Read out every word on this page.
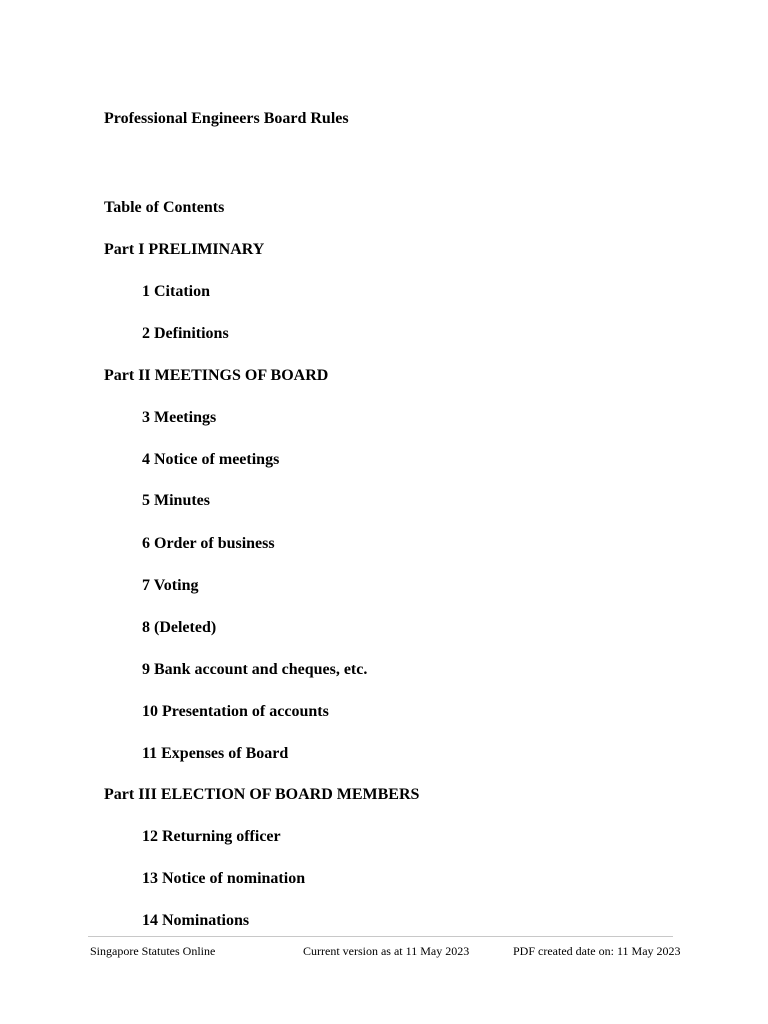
Professional Engineers Board Rules
Table of Contents
Part I PRELIMINARY
1 Citation
2 Definitions
Part II MEETINGS OF BOARD
3 Meetings
4 Notice of meetings
5 Minutes
6 Order of business
7 Voting
8 (Deleted)
9 Bank account and cheques, etc.
10 Presentation of accounts
11 Expenses of Board
Part III ELECTION OF BOARD MEMBERS
12 Returning officer
13 Notice of nomination
14 Nominations
Singapore Statutes Online	Current version as at 11 May 2023	PDF created date on: 11 May 2023
